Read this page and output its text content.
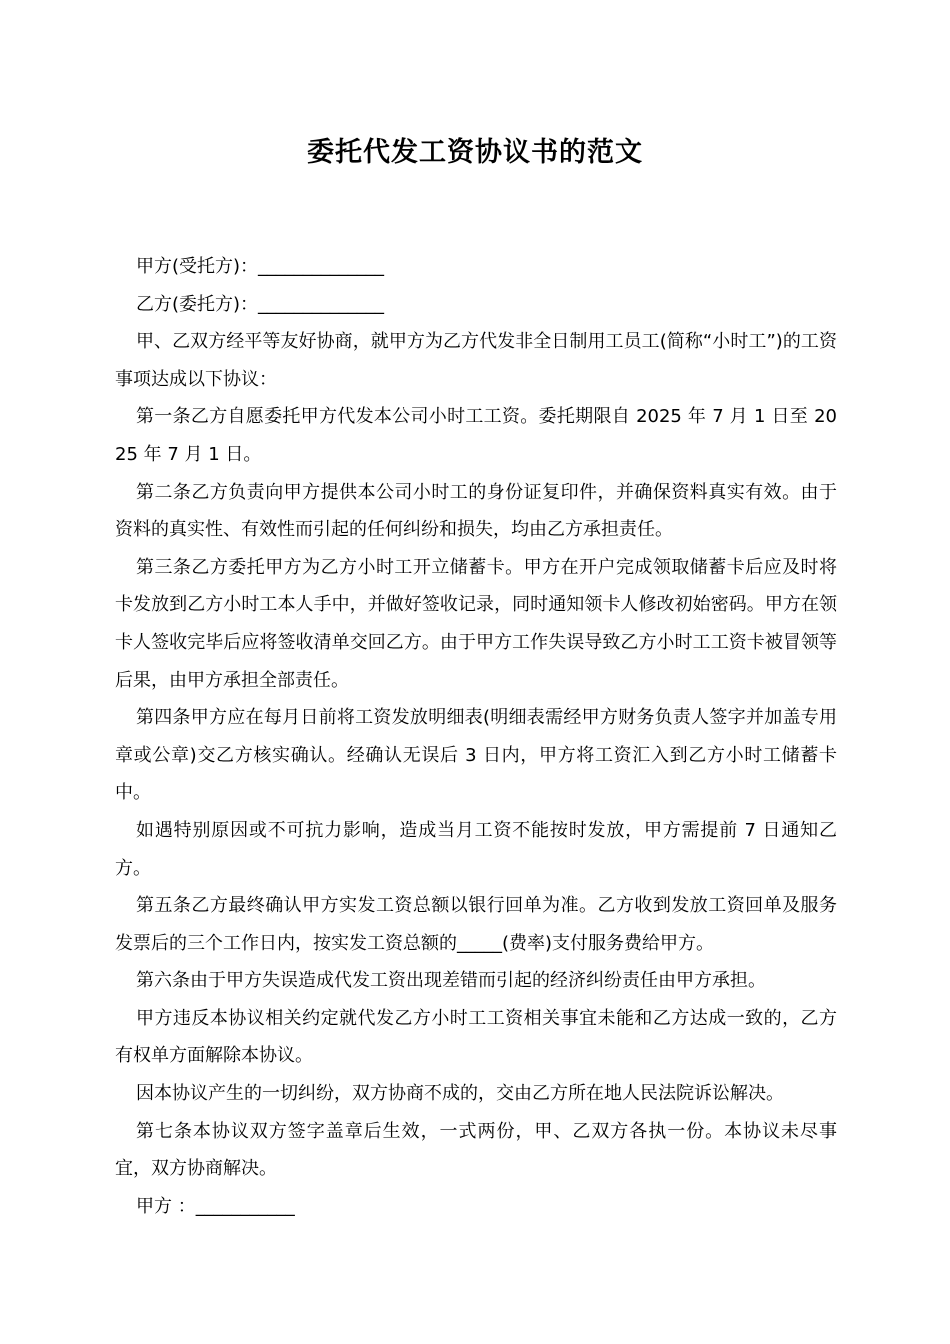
委托代发工资协议书的范文

甲方(受托方)：______________

乙方(委托方)：______________

甲、乙双方经平等友好协商，就甲方为乙方代发非全日制用工员工(简称“小时工”)的工资事项达成以下协议：

第一条乙方自愿委托甲方代发本公司小时工工资。委托期限自 2025 年 7 月 1 日至 2025 年 7 月 1 日。

第二条乙方负责向甲方提供本公司小时工的身份证复印件，并确保资料真实有效。由于资料的真实性、有效性而引起的任何纠纷和损失，均由乙方承担责任。

第三条乙方委托甲方为乙方小时工开立储蓄卡。甲方在开户完成领取储蓄卡后应及时将卡发放到乙方小时工本人手中，并做好签收记录，同时通知领卡人修改初始密码。甲方在领卡人签收完毕后应将签收清单交回乙方。由于甲方工作失误导致乙方小时工工资卡被冒领等后果，由甲方承担全部责任。

第四条甲方应在每月日前将工资发放明细表(明细表需经甲方财务负责人签字并加盖专用章或公章)交乙方核实确认。经确认无误后 3 日内，甲方将工资汇入到乙方小时工储蓄卡中。

如遇特别原因或不可抗力影响，造成当月工资不能按时发放，甲方需提前 7 日通知乙方。

第五条乙方最终确认甲方实发工资总额以银行回单为准。乙方收到发放工资回单及服务发票后的三个工作日内，按实发工资总额的_____(费率)支付服务费给甲方。

第六条由于甲方失误造成代发工资出现差错而引起的经济纠纷责任由甲方承担。

甲方违反本协议相关约定就代发乙方小时工工资相关事宜未能和乙方达成一致的，乙方有权单方面解除本协议。

因本协议产生的一切纠纷，双方协商不成的，交由乙方所在地人民法院诉讼解决。

第七条本协议双方签字盖章后生效，一式两份，甲、乙双方各执一份。本协议未尽事宜，双方协商解决。

甲方 ：___________
